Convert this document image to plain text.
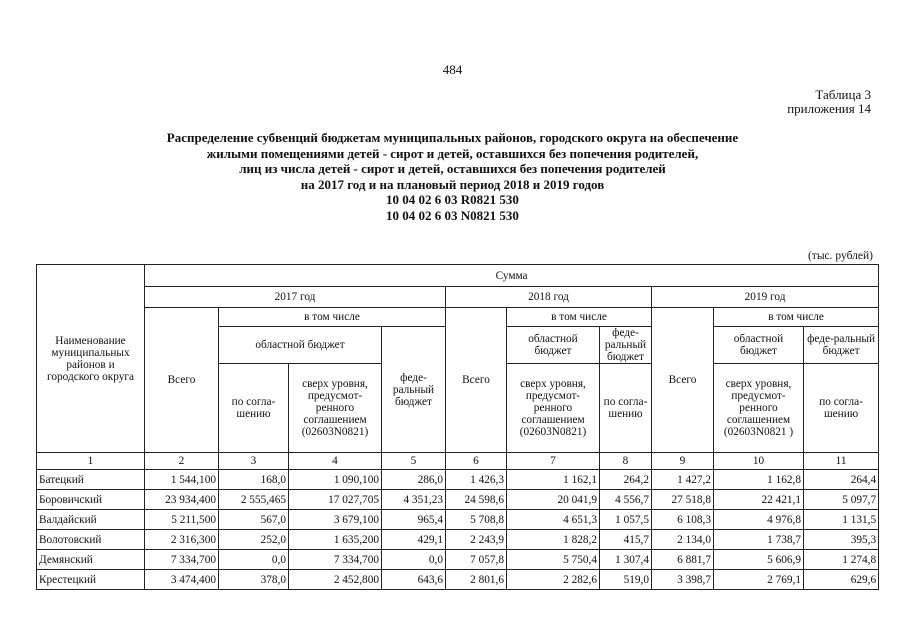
484
Таблица 3
приложения 14
Распределение субвенций бюджетам муниципальных районов, городского округа на обеспечение
жилыми помещениями детей - сирот и детей, оставшихся без попечения родителей,
лиц из числа детей - сирот и детей, оставшихся без попечения родителей
на 2017 год и на плановый период 2018 и 2019 годов
10 04 02 6 03 R0821 530
10 04 02 6 03 N0821 530
(тыс. рублей)
Наименование муниципальных районов и городского округа	Сумма									
	2017 год				2018 год			2019 год		
	Всего	в том числе			Всего	в том числе		Всего	в том числе	
		областной бюджет		феде-ральный бюджет		областной бюджет	феде-ральный бюджет		областной бюджет	феде-ральный бюджет
		по согла-шению	сверх уровня, предусмот-ренного соглашением (02603N0821)			сверх уровня, предусмот-ренного соглашением (02603N0821)	по согла-шению		сверх уровня, предусмот-ренного соглашением (02603N0821 )	по согла-шению
1	2	3	4	5	6	7	8	9	10	11
Батецкий	1 544,100	168,0	1 090,100	286,0	1 426,3	1 162,1	264,2	1 427,2	1 162,8	264,4
Боровичский	23 934,400	2 555,465	17 027,705	4 351,23	24 598,6	20 041,9	4 556,7	27 518,8	22 421,1	5 097,7
Валдайский	5 211,500	567,0	3 679,100	965,4	5 708,8	4 651,3	1 057,5	6 108,3	4 976,8	1 131,5
Волотовский	2 316,300	252,0	1 635,200	429,1	2 243,9	1 828,2	415,7	2 134,0	1 738,7	395,3
Демянский	7 334,700	0,0	7 334,700	0,0	7 057,8	5 750,4	1 307,4	6 881,7	5 606,9	1 274,8
Крестецкий	3 474,400	378,0	2 452,800	643,6	2 801,6	2 282,6	519,0	3 398,7	2 769,1	629,6
